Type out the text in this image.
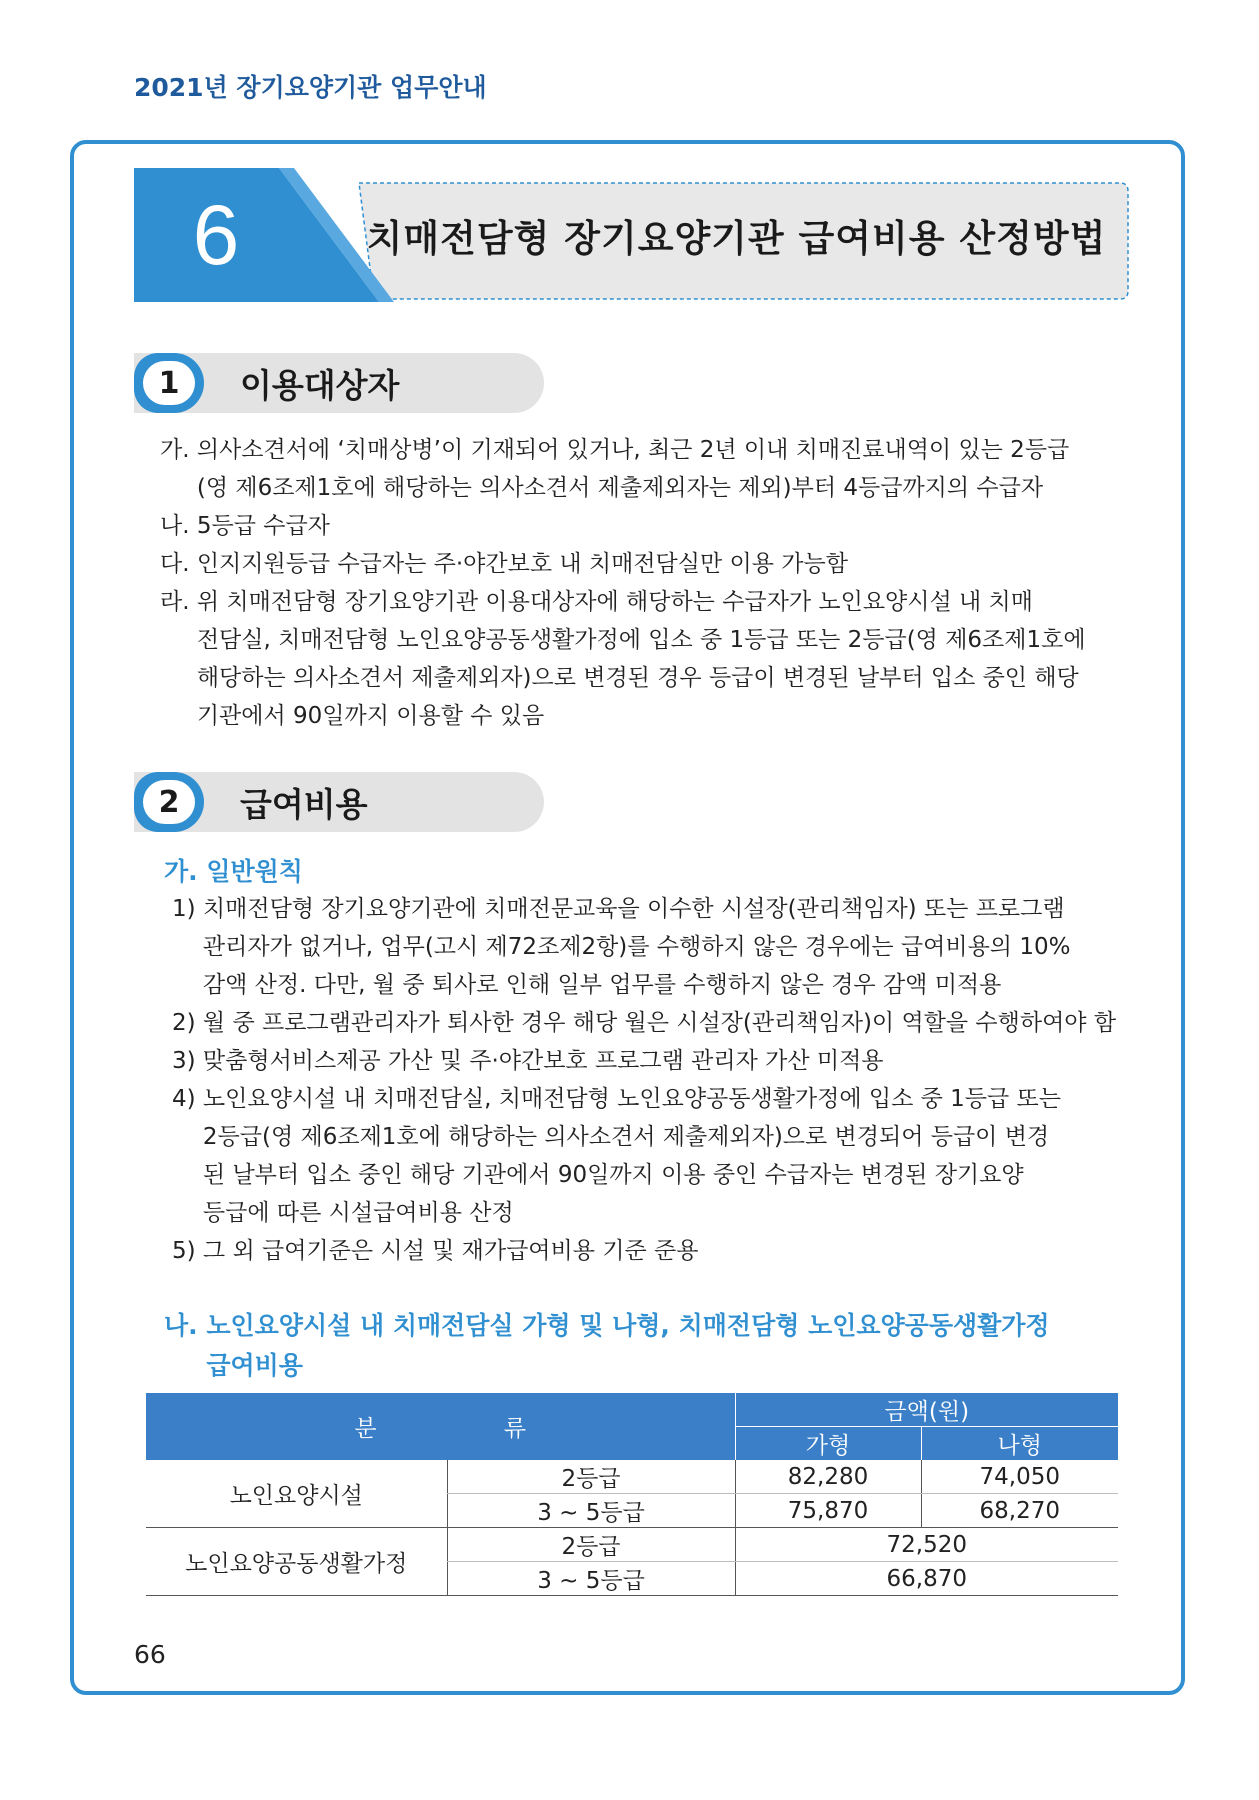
2021년 장기요양기관 업무안내
6	치매전담형 장기요양기관 급여비용 산정방법
1	이용대상자
가. 의사소견서에 ‘치매상병’이 기재되어 있거나, 최근 2년 이내 치매진료내역이 있는 2등급
(영 제6조제1호에 해당하는 의사소견서 제출제외자는 제외)부터 4등급까지의 수급자
나. 5등급 수급자
다. 인지지원등급 수급자는 주·야간보호 내 치매전담실만 이용 가능함
라. 위 치매전담형 장기요양기관 이용대상자에 해당하는 수급자가 노인요양시설 내 치매
전담실, 치매전담형 노인요양공동생활가정에 입소 중 1등급 또는 2등급(영 제6조제1호에
해당하는 의사소견서 제출제외자)으로 변경된 경우 등급이 변경된 날부터 입소 중인 해당
기관에서 90일까지 이용할 수 있음
2	급여비용
가. 일반원칙
1) 치매전담형 장기요양기관에 치매전문교육을 이수한 시설장(관리책임자) 또는 프로그램
관리자가 없거나, 업무(고시 제72조제2항)를 수행하지 않은 경우에는 급여비용의 10%
감액 산정. 다만, 월 중 퇴사로 인해 일부 업무를 수행하지 않은 경우 감액 미적용
2) 월 중 프로그램관리자가 퇴사한 경우 해당 월은 시설장(관리책임자)이 역할을 수행하여야 함
3) 맞춤형서비스제공 가산 및 주·야간보호 프로그램 관리자 가산 미적용
4) 노인요양시설 내 치매전담실, 치매전담형 노인요양공동생활가정에 입소 중 1등급 또는
2등급(영 제6조제1호에 해당하는 의사소견서 제출제외자)으로 변경되어 등급이 변경
된 날부터 입소 중인 해당 기관에서 90일까지 이용 중인 수급자는 변경된 장기요양
등급에 따른 시설급여비용 산정
5) 그 외 급여기준은 시설 및 재가급여비용 기준 준용
나. 노인요양시설 내 치매전담실 가형 및 나형, 치매전담형 노인요양공동생활가정
급여비용
분 류		금액(원)	
		가형	나형
노인요양시설	2등급	82,280	74,050
	3 ~ 5등급	75,870	68,270
노인요양공동생활가정	2등급	72,520	
	3 ~ 5등급	66,870	
66
